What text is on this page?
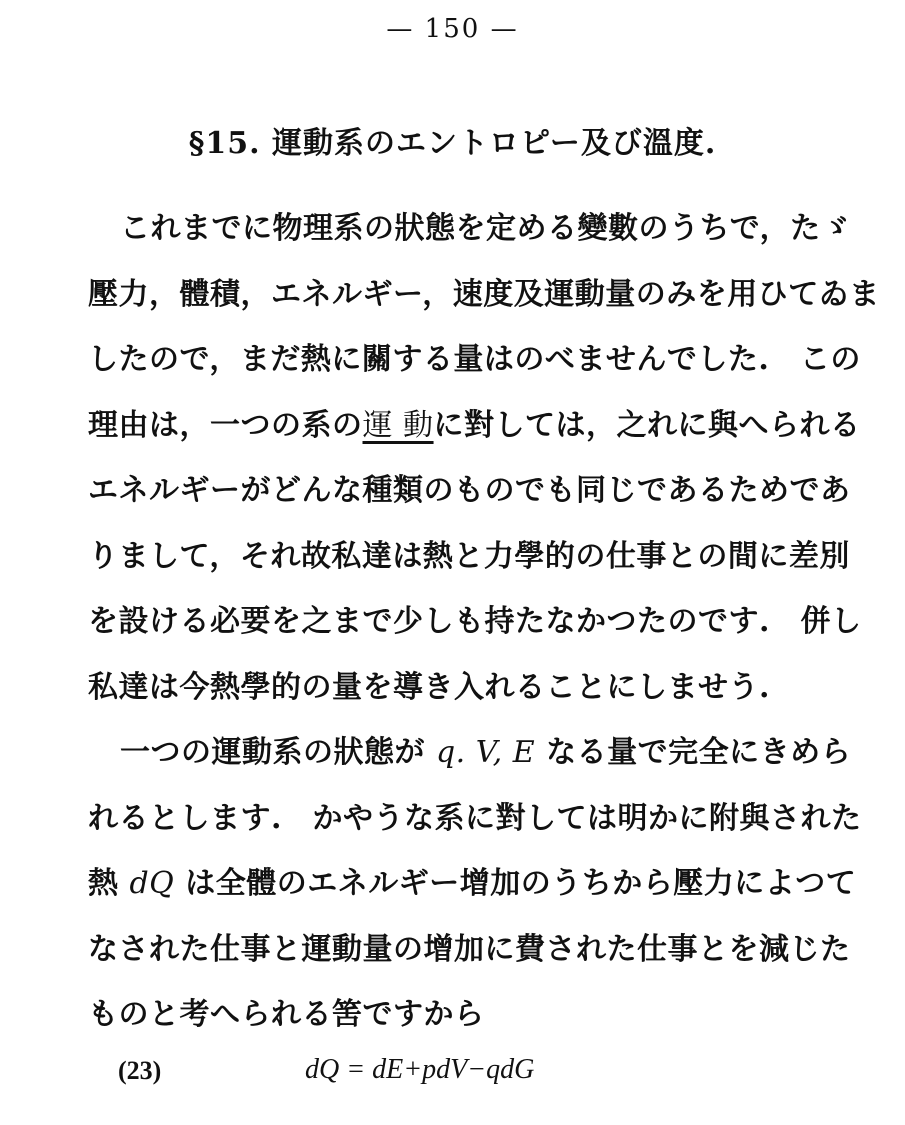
— 150 —
§15. 運動系のエントロピー及び溫度.
これまでに物理系の狀態を定める變數のうちで，たゞ
壓力，體積，エネルギー，速度及運動量のみを用ひてゐま
したので，まだ熱に關する量はのべませんでした.　この
理由は，一つの系の運 動に對しては，之れに與へられる
エネルギーがどんな種類のものでも同じであるためであ
りまして，それ故私達は熱と力學的の仕事との間に差別
を設ける必要を之まで少しも持たなかつたのです.　併し
私達は今熱學的の量を導き入れることにしませう.
一つの運動系の狀態が q. V, E なる量で完全にきめら
れるとします.　かやうな系に對しては明かに附與された
熱 dQ は全體のエネルギー增加のうちから壓力によつて
なされた仕事と運動量の增加に費された仕事とを減じた
ものと考へられる筈ですから
(23)	dQ = dE+pdV−qdG
